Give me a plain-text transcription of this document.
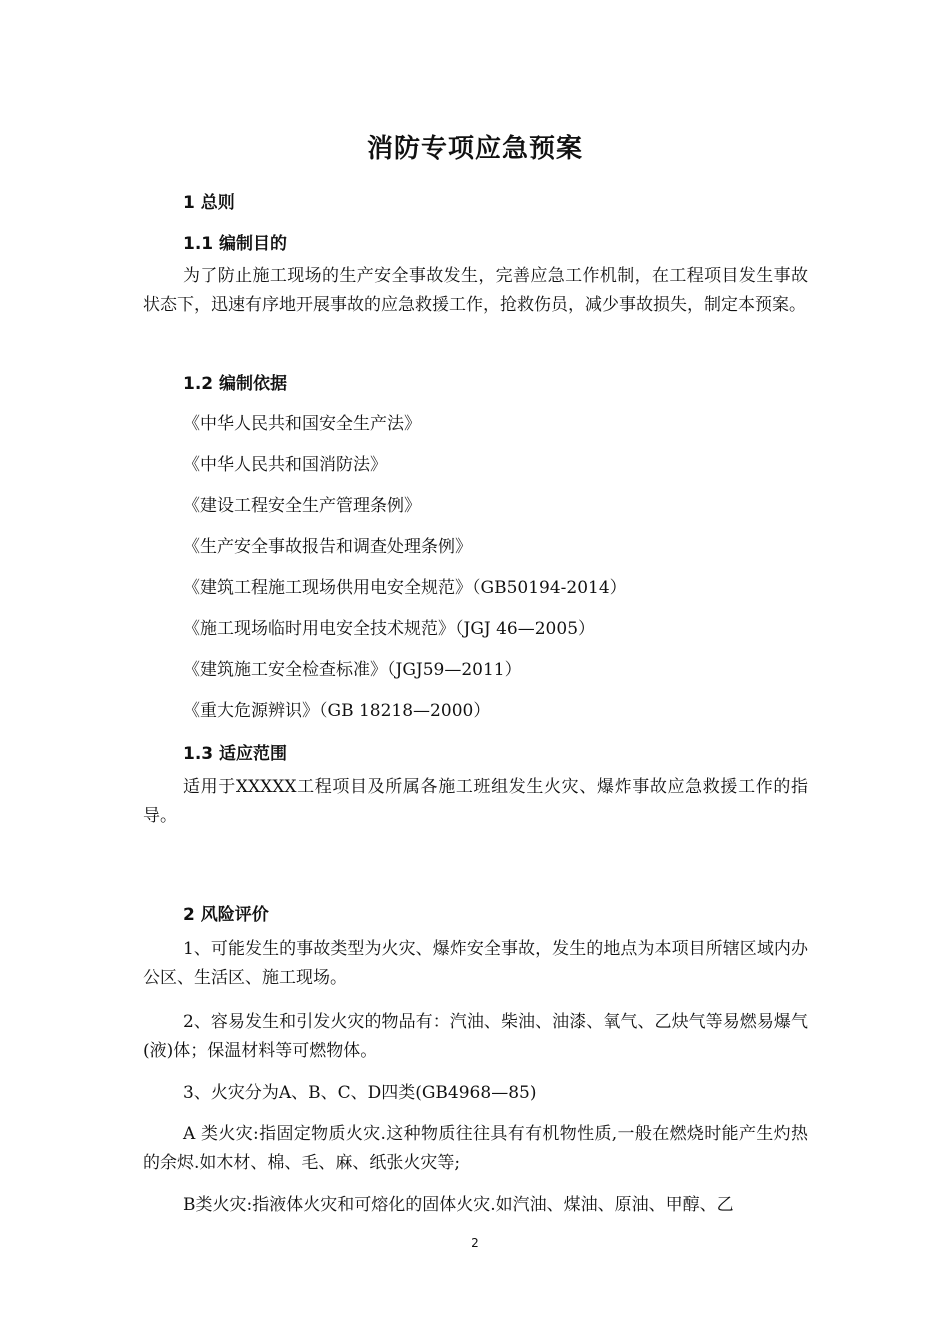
消防专项应急预案
1 总则
1.1 编制目的

为了防止施工现场的生产安全事故发生，完善应急工作机制，在工程项目发生事故状态下，迅速有序地开展事故的应急救援工作，抢救伤员，减少事故损失，制定本预案。

1.2 编制依据

《中华人民共和国安全生产法》

《中华人民共和国消防法》

《建设工程安全生产管理条例》

《生产安全事故报告和调查处理条例》

《建筑工程施工现场供用电安全规范》（GB50194-2014）

《施工现场临时用电安全技术规范》（JGJ 46—2005）

《建筑施工安全检查标准》（JGJ59—2011）

《重大危源辨识》（GB 18218—2000）

1.3 适应范围

适用于XXXXX工程项目及所属各施工班组发生火灾、爆炸事故应急救援工作的指导。

2 风险评价

1、可能发生的事故类型为火灾、爆炸安全事故，发生的地点为本项目所辖区域内办公区、生活区、施工现场。

2、容易发生和引发火灾的物品有：汽油、柴油、油漆、氧气、乙炔气等易燃易爆气(液)体；保温材料等可燃物体。

3、火灾分为A、B、C、D四类(GB4968—85)

A 类火灾:指固定物质火灾.这种物质往往具有有机物性质,一般在燃烧时能产生灼热的余烬.如木材、棉、毛、麻、纸张火灾等;

B类火灾:指液体火灾和可熔化的固体火灾.如汽油、煤油、原油、甲醇、乙

2
